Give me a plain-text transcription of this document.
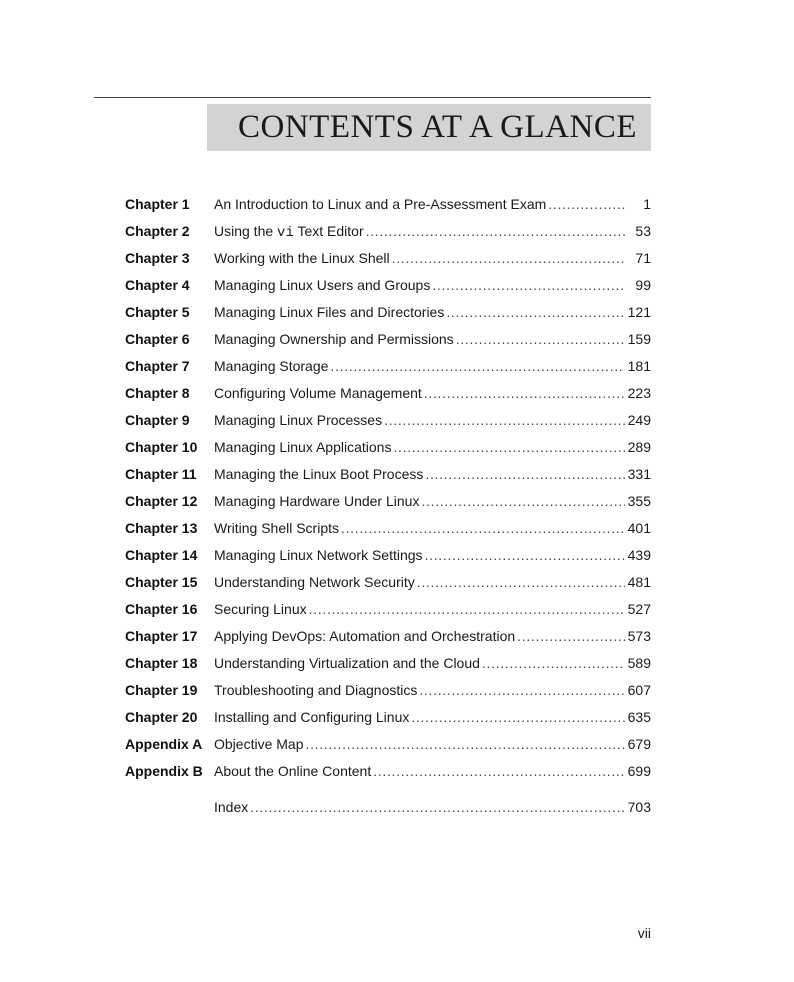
CONTENTS AT A GLANCE
Chapter 1	An Introduction to Linux and a Pre-Assessment Exam . . .	1
Chapter 2	Using the vi Text Editor . . .	53
Chapter 3	Working with the Linux Shell . . .	71
Chapter 4	Managing Linux Users and Groups . . .	99
Chapter 5	Managing Linux Files and Directories . . .	121
Chapter 6	Managing Ownership and Permissions . . .	159
Chapter 7	Managing Storage . . .	181
Chapter 8	Configuring Volume Management . . .	223
Chapter 9	Managing Linux Processes . . .	249
Chapter 10	Managing Linux Applications . . .	289
Chapter 11	Managing the Linux Boot Process . . .	331
Chapter 12	Managing Hardware Under Linux . . .	355
Chapter 13	Writing Shell Scripts . . .	401
Chapter 14	Managing Linux Network Settings . . .	439
Chapter 15	Understanding Network Security . . .	481
Chapter 16	Securing Linux . . .	527
Chapter 17	Applying DevOps: Automation and Orchestration . . .	573
Chapter 18	Understanding Virtualization and the Cloud . . .	589
Chapter 19	Troubleshooting and Diagnostics . . .	607
Chapter 20	Installing and Configuring Linux . . .	635
Appendix A Objective Map . . .	679
Appendix B About the Online Content . . .	699
Index . . .	703
vii
